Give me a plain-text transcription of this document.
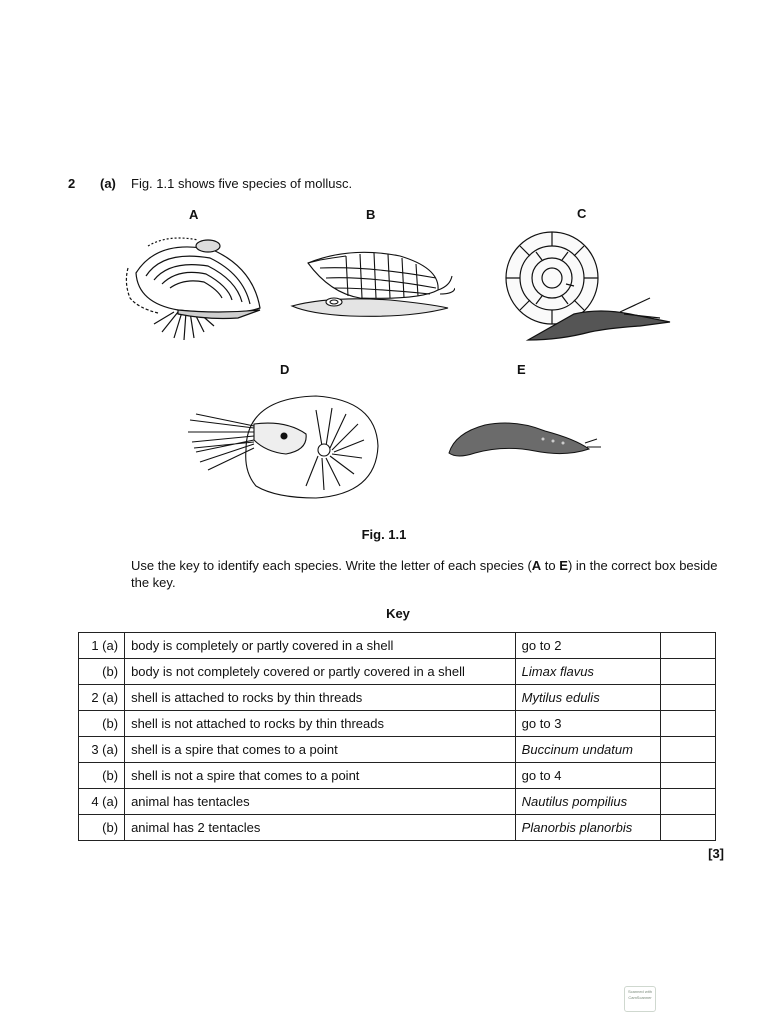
2 (a) Fig. 1.1 shows five species of mollusc.
A	B	C
D	E
Fig. 1.1
Use the key to identify each species. Write the letter of each species (A to E) in the correct box beside the key.
Key
1 (a)	body is completely or partly covered in a shell	go to 2	
(b)	body is not completely covered or partly covered in a shell	Limax flavus	
2 (a)	shell is attached to rocks by thin threads	Mytilus edulis	
(b)	shell is not attached to rocks by thin threads	go to 3	
3 (a)	shell is a spire that comes to a point	Buccinum undatum	
(b)	shell is not a spire that comes to a point	go to 4	
4 (a)	animal has tentacles	Nautilus pompilius	
(b)	animal has 2 tentacles	Planorbis planorbis	
[3]
Scanned with
CamScanner
